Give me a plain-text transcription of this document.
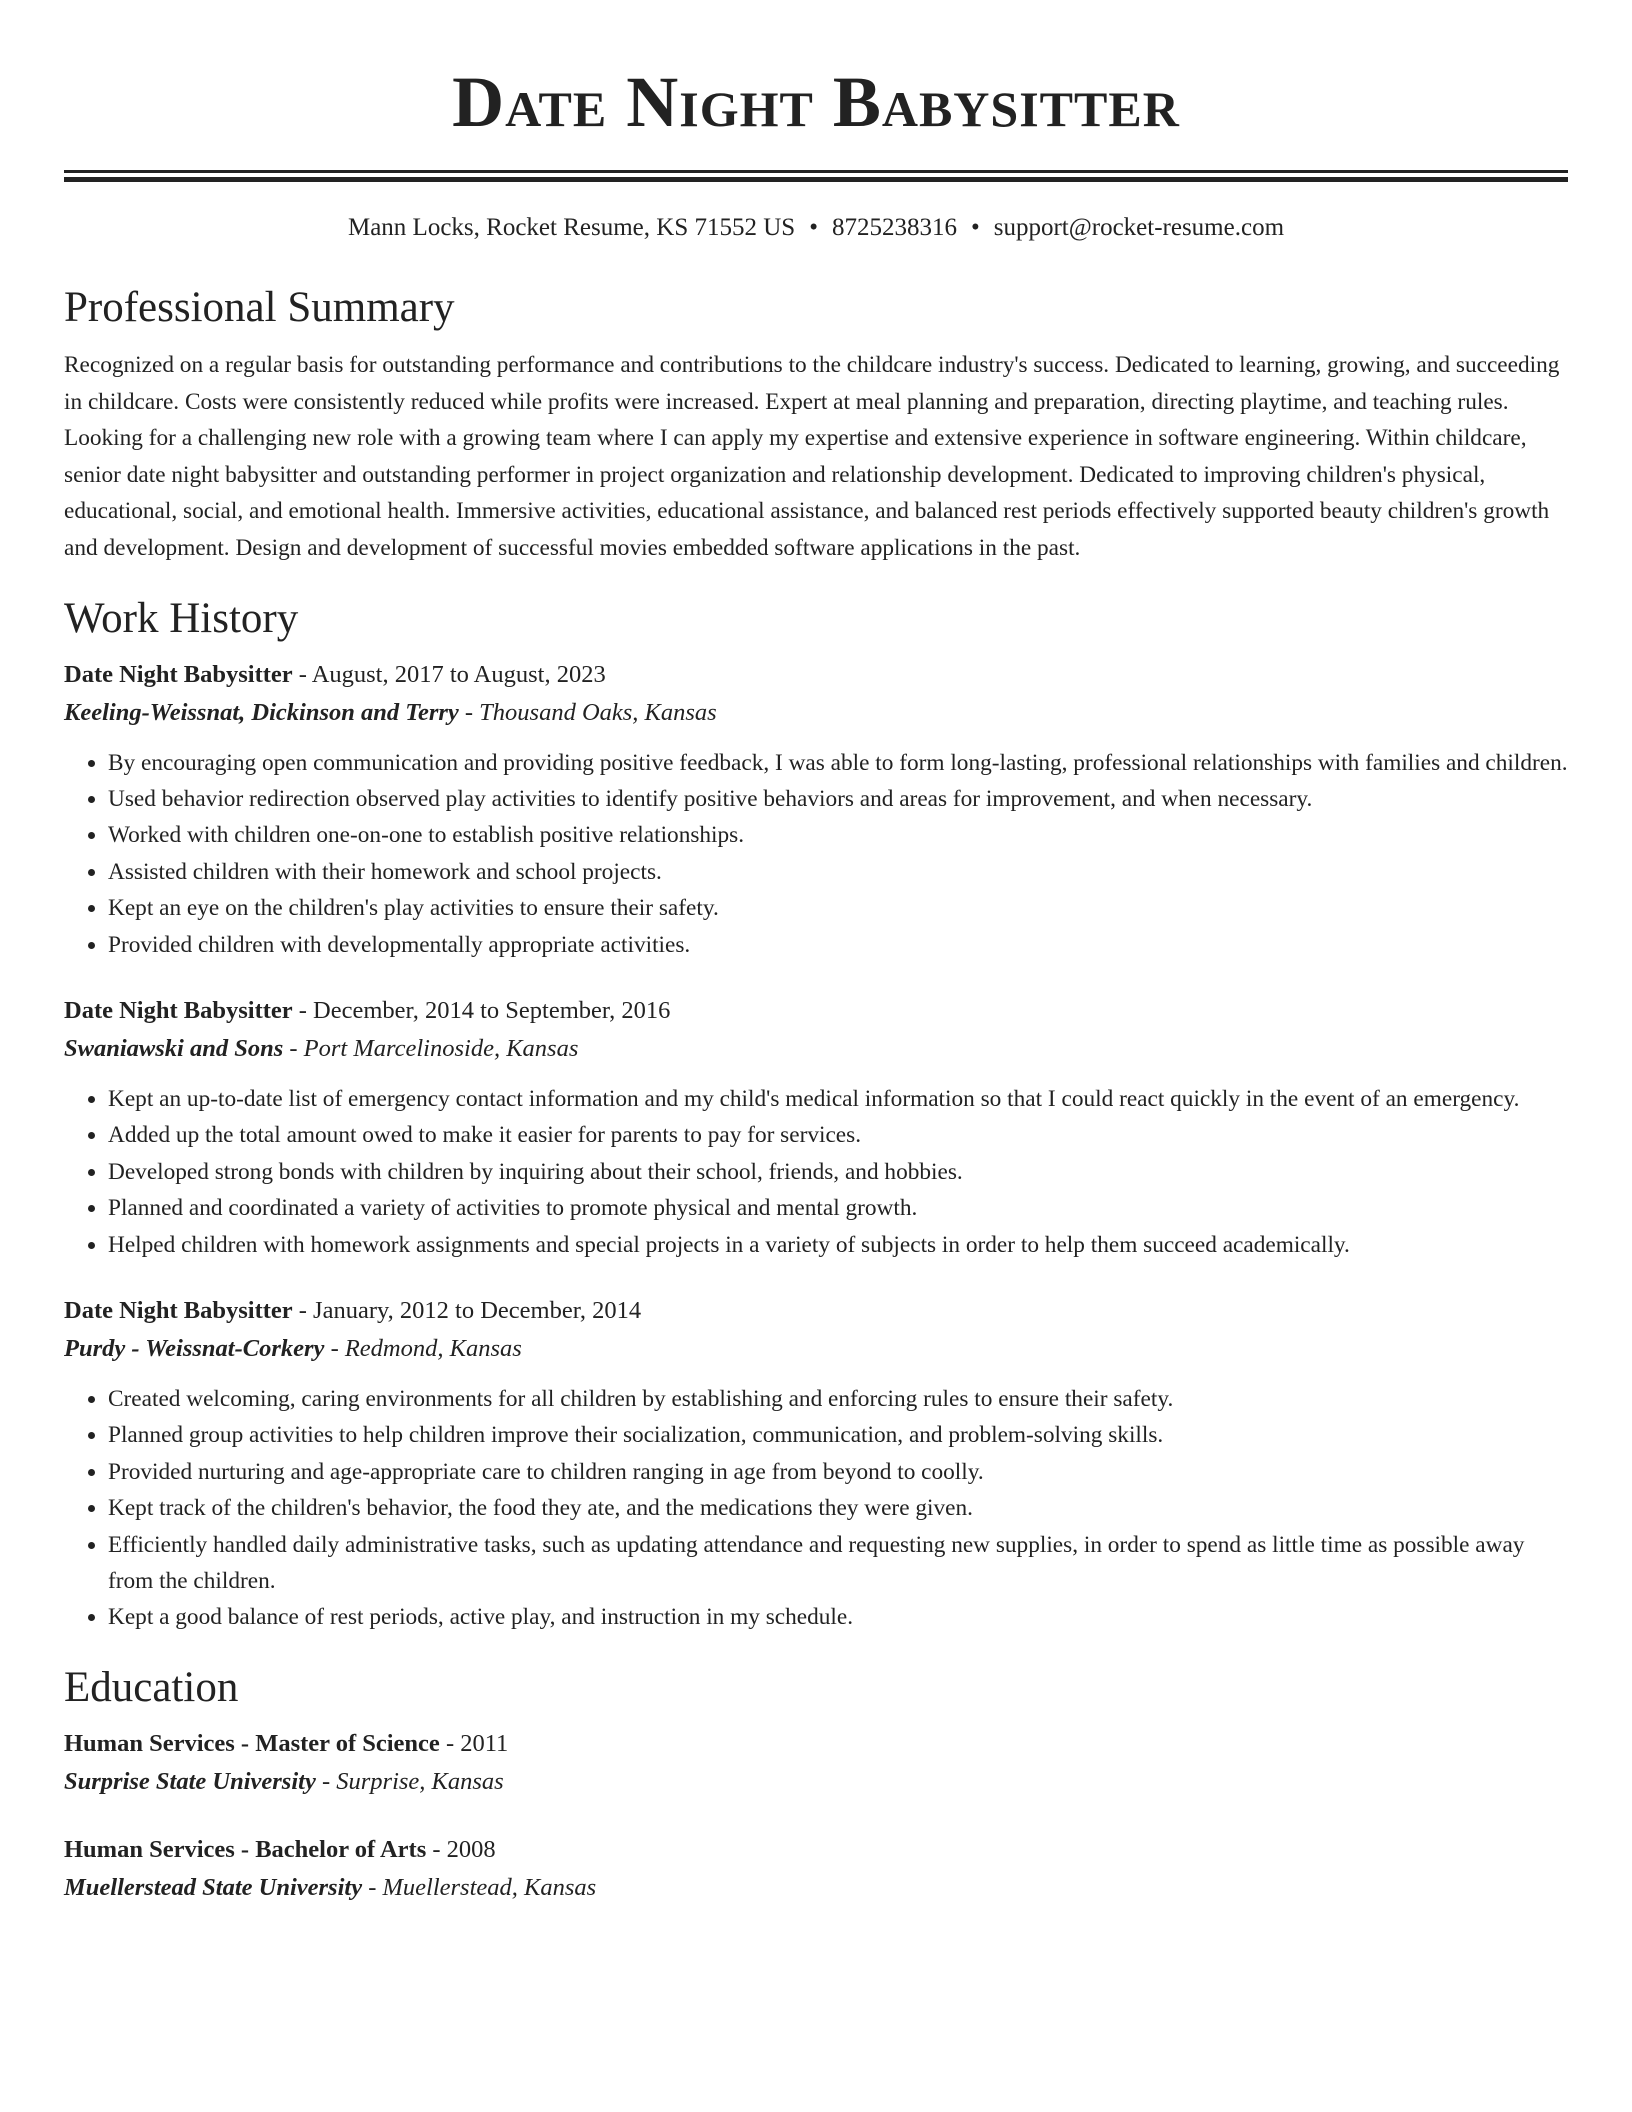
Date Night Babysitter
Mann Locks, Rocket Resume, KS 71552 US • 8725238316 • support@rocket-resume.com
Professional Summary

Recognized on a regular basis for outstanding performance and contributions to the childcare industry's success. Dedicated to learning, growing, and succeeding in childcare. Costs were consistently reduced while profits were increased. Expert at meal planning and preparation, directing playtime, and teaching rules. Looking for a challenging new role with a growing team where I can apply my expertise and extensive experience in software engineering. Within childcare, senior date night babysitter and outstanding performer in project organization and relationship development. Dedicated to improving children's physical, educational, social, and emotional health. Immersive activities, educational assistance, and balanced rest periods effectively supported beauty children's growth and development. Design and development of successful movies embedded software applications in the past.

Work History

Date Night Babysitter - August, 2017 to August, 2023

Keeling-Weissnat, Dickinson and Terry - Thousand Oaks, Kansas

• By encouraging open communication and providing positive feedback, I was able to form long-lasting, professional relationships with families and children.
• Used behavior redirection observed play activities to identify positive behaviors and areas for improvement, and when necessary.
• Worked with children one-on-one to establish positive relationships.
• Assisted children with their homework and school projects.
• Kept an eye on the children's play activities to ensure their safety.
• Provided children with developmentally appropriate activities.

Date Night Babysitter - December, 2014 to September, 2016

Swaniawski and Sons - Port Marcelinoside, Kansas

• Kept an up-to-date list of emergency contact information and my child's medical information so that I could react quickly in the event of an emergency.
• Added up the total amount owed to make it easier for parents to pay for services.
• Developed strong bonds with children by inquiring about their school, friends, and hobbies.
• Planned and coordinated a variety of activities to promote physical and mental growth.
• Helped children with homework assignments and special projects in a variety of subjects in order to help them succeed academically.

Date Night Babysitter - January, 2012 to December, 2014

Purdy - Weissnat-Corkery - Redmond, Kansas

• Created welcoming, caring environments for all children by establishing and enforcing rules to ensure their safety.
• Planned group activities to help children improve their socialization, communication, and problem-solving skills.
• Provided nurturing and age-appropriate care to children ranging in age from beyond to coolly.
• Kept track of the children's behavior, the food they ate, and the medications they were given.
• Efficiently handled daily administrative tasks, such as updating attendance and requesting new supplies, in order to spend as little time as possible away from the children.
• Kept a good balance of rest periods, active play, and instruction in my schedule.
Education

Human Services - Master of Science - 2011

Surprise State University - Surprise, Kansas

Human Services - Bachelor of Arts - 2008

Muellerstead State University - Muellerstead, Kansas
